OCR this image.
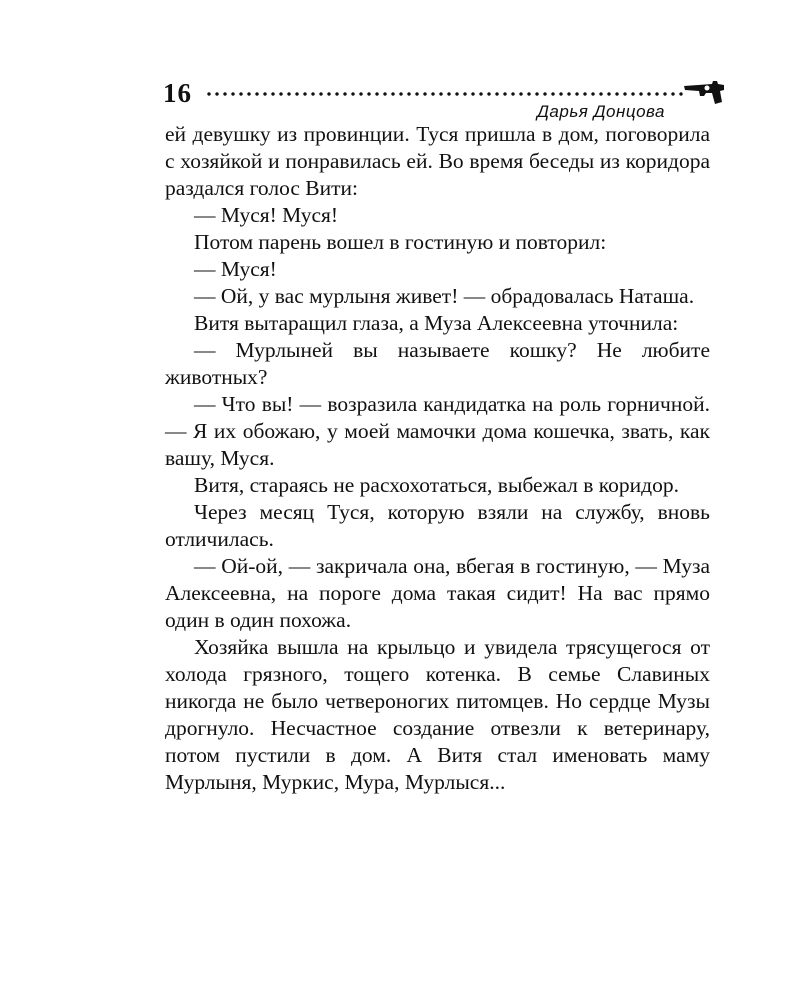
16
Дарья Донцова

ей девушку из провинции. Туся пришла в дом, поговорила с хозяйкой и понравилась ей. Во время беседы из коридора раздался голос Вити:

— Муся! Муся!

Потом парень вошел в гостиную и повторил:

— Муся!

— Ой, у вас мурлыня живет! — обрадовалась Наташа.

Витя вытаращил глаза, а Муза Алексеевна уточнила:

— Мурлыней вы называете кошку? Не любите животных?

— Что вы! — возразила кандидатка на роль горничной. — Я их обожаю, у моей мамочки дома кошечка, звать, как вашу, Муся.

Витя, стараясь не расхохотаться, выбежал в коридор.

Через месяц Туся, которую взяли на службу, вновь отличилась.

— Ой-ой, — закричала она, вбегая в гостиную, — Муза Алексеевна, на пороге дома такая сидит! На вас прямо один в один похожа.

Хозяйка вышла на крыльцо и увидела трясущегося от холода грязного, тощего котенка. В семье Славиных никогда не было четвероногих питомцев. Но сердце Музы дрогнуло. Несчастное создание отвезли к ветеринару, потом пустили в дом. А Витя стал именовать маму Мурлыня, Муркис, Мура, Мурлыся...
